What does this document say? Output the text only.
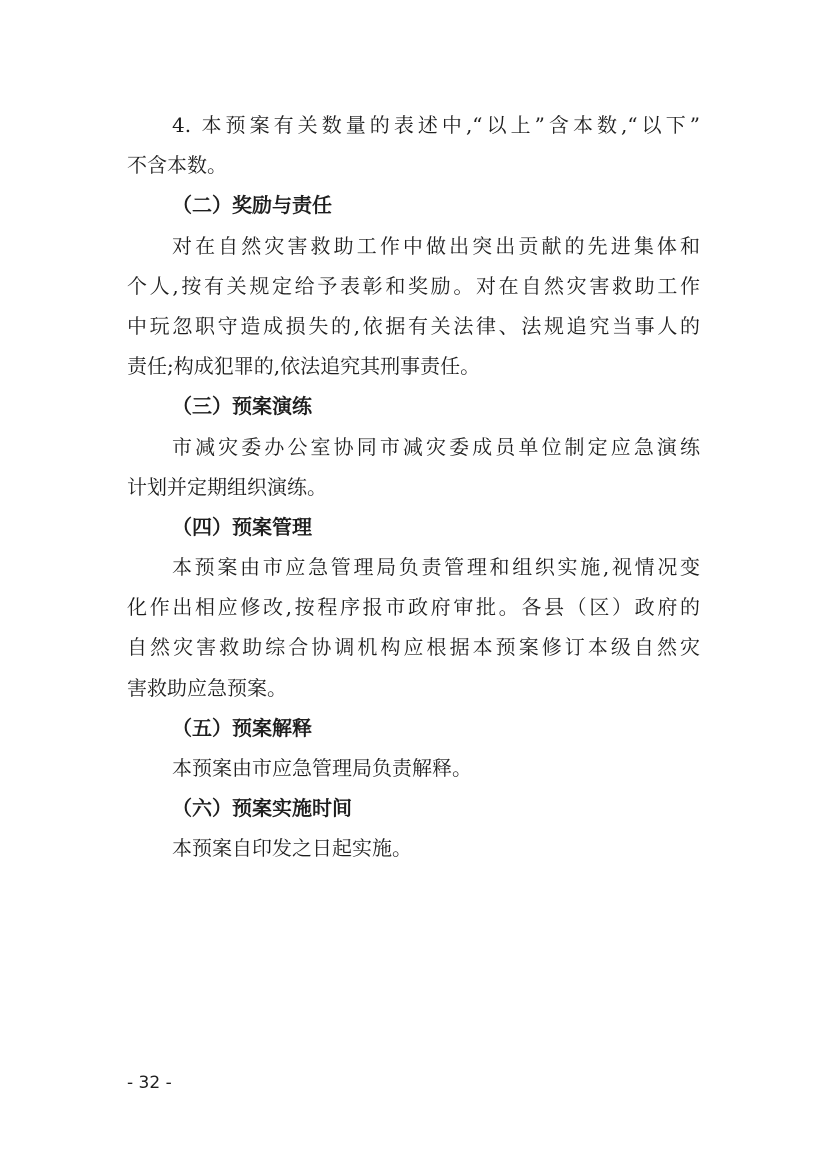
4. 本预案有关数量的表述中,“以上”含本数,“以下”
不含本数。
（二）奖励与责任
对在自然灾害救助工作中做出突出贡献的先进集体和
个人,按有关规定给予表彰和奖励。对在自然灾害救助工作
中玩忽职守造成损失的,依据有关法律、法规追究当事人的
责任;构成犯罪的,依法追究其刑事责任。
（三）预案演练
市减灾委办公室协同市减灾委成员单位制定应急演练
计划并定期组织演练。
（四）预案管理
本预案由市应急管理局负责管理和组织实施,视情况变
化作出相应修改,按程序报市政府审批。各县（区）政府的
自然灾害救助综合协调机构应根据本预案修订本级自然灾
害救助应急预案。
（五）预案解释
本预案由市应急管理局负责解释。
（六）预案实施时间
本预案自印发之日起实施。
- 32 -
